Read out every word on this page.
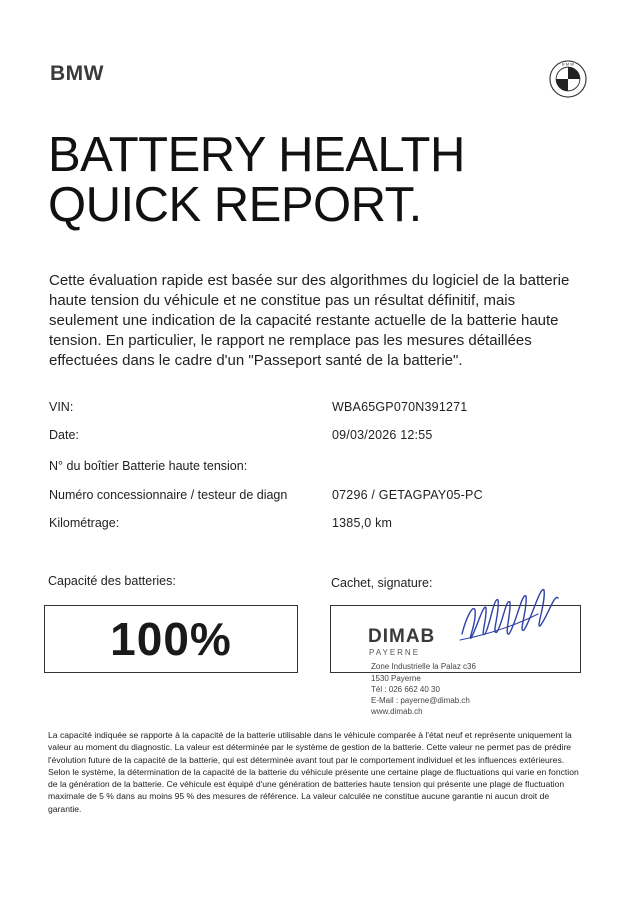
BMW	B M W
BATTERY HEALTH
QUICK REPORT.

Cette évaluation rapide est basée sur des algorithmes du logiciel de la batterie haute tension du véhicule et ne constitue pas un résultat définitif, mais seulement une indication de la capacité restante actuelle de la batterie haute tension. En particulier, le rapport ne remplace pas les mesures détaillées effectuées dans le cadre d'un "Passeport santé de la batterie".

VIN:	WBA65GP070N391271
Date:	09/03/2026 12:55
N° du boîtier Batterie haute tension:
Numéro concessionnaire / testeur de diagn	07296 / GETAGPAY05-PC
Kilométrage:	1385,0 km
Capacité des batteries:	Cachet, signature:
100%	DIMAB
PAYERNE
Zone Industrielle la Palaz c36
1530 Payerne
Tél : 026 662 40 30
E-Mail : payerne@dimab.ch
www.dimab.ch

La capacité indiquée se rapporte à la capacité de la batterie utilisable dans le véhicule comparée à l'état neuf et représente uniquement la valeur au moment du diagnostic. La valeur est déterminée par le système de gestion de la batterie. Cette valeur ne permet pas de prédire l'évolution future de la capacité de la batterie, qui est déterminée avant tout par le comportement individuel et les influences extérieures. Selon le système, la détermination de la capacité de la batterie du véhicule présente une certaine plage de fluctuations qui varie en fonction de la génération de la batterie. Ce véhicule est équipé d'une génération de batteries haute tension qui présente une plage de fluctuation maximale de 5 % dans au moins 95 % des mesures de référence. La valeur calculée ne constitue aucune garantie ni aucun droit de garantie.
